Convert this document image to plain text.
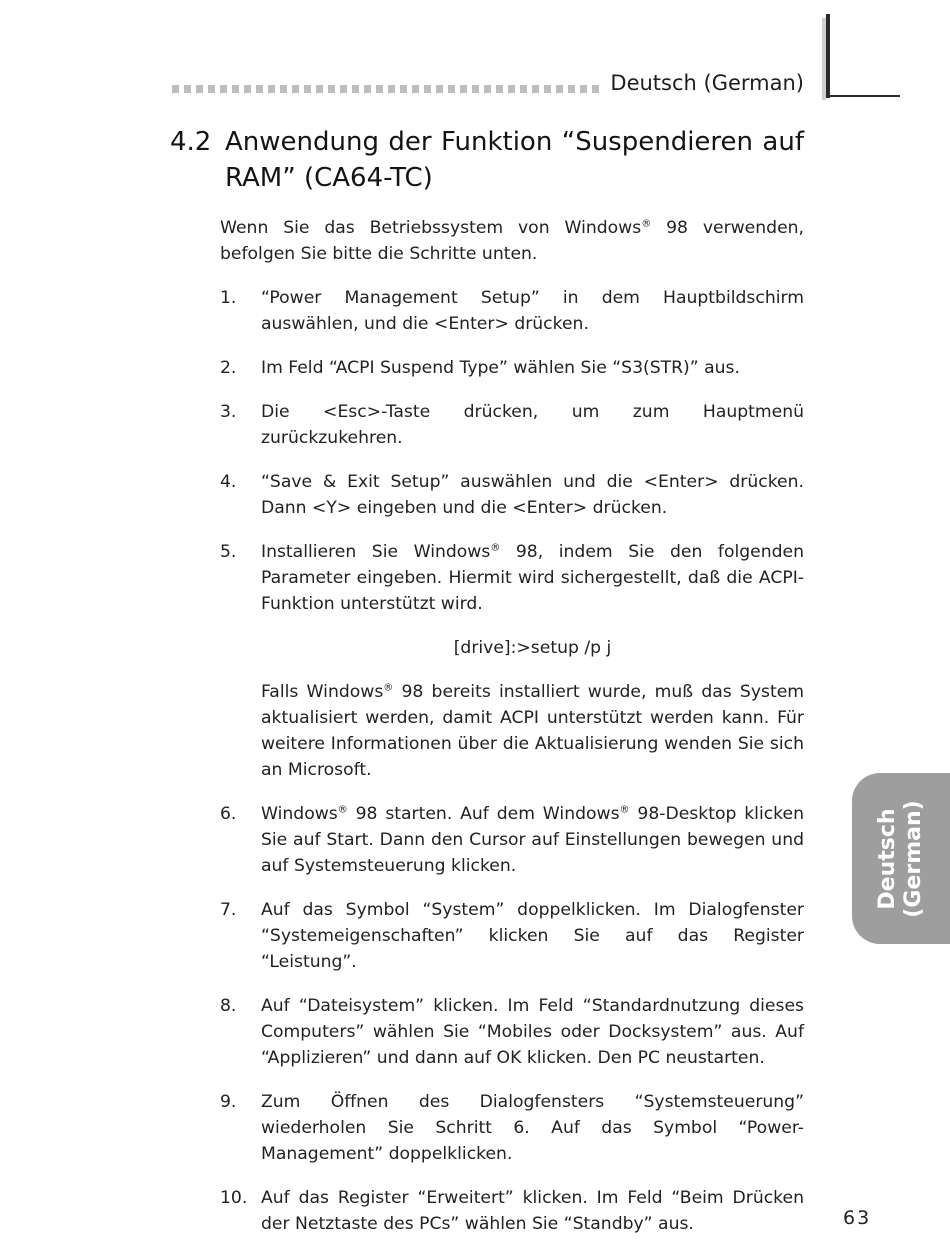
Deutsch (German)
4.2 Anwendung der Funktion “Suspendieren auf RAM” (CA64-TC)

Wenn Sie das Betriebssystem von Windows® 98 verwenden, befolgen Sie bitte die Schritte unten.

1. “Power Management Setup” in dem Hauptbildschirm auswählen, und die <Enter> drücken.

2. Im Feld “ACPI Suspend Type” wählen Sie “S3(STR)” aus.

3. Die <Esc>-Taste drücken, um zum Hauptmenü zurückzukehren.

4. “Save & Exit Setup” auswählen und die <Enter> drücken. Dann <Y> eingeben und die <Enter> drücken.

5. Installieren Sie Windows® 98, indem Sie den folgenden Parameter eingeben. Hiermit wird sichergestellt, daß die ACPI-Funktion unterstützt wird.

[drive]:>setup /p j

Falls Windows® 98 bereits installiert wurde, muß das System aktualisiert werden, damit ACPI unterstützt werden kann. Für weitere Informationen über die Aktualisierung wenden Sie sich an Microsoft.

6. Windows® 98 starten. Auf dem Windows® 98-Desktop klicken Sie auf Start. Dann den Cursor auf Einstellungen bewegen und auf Systemsteuerung klicken.

7. Auf das Symbol “System” doppelklicken. Im Dialogfenster “Systemeigenschaften” klicken Sie auf das Register “Leistung”.

8. Auf “Dateisystem” klicken. Im Feld “Standardnutzung dieses Computers” wählen Sie “Mobiles oder Docksystem” aus. Auf “Applizieren” und dann auf OK klicken. Den PC neustarten.

9. Zum Öffnen des Dialogfensters “Systemsteuerung” wiederholen Sie Schritt 6. Auf das Symbol “Power-Management” doppelklicken.

10. Auf das Register “Erweitert” klicken. Im Feld “Beim Drücken der Netztaste des PCs” wählen Sie “Standby” aus.

Deutsch (German)
63
